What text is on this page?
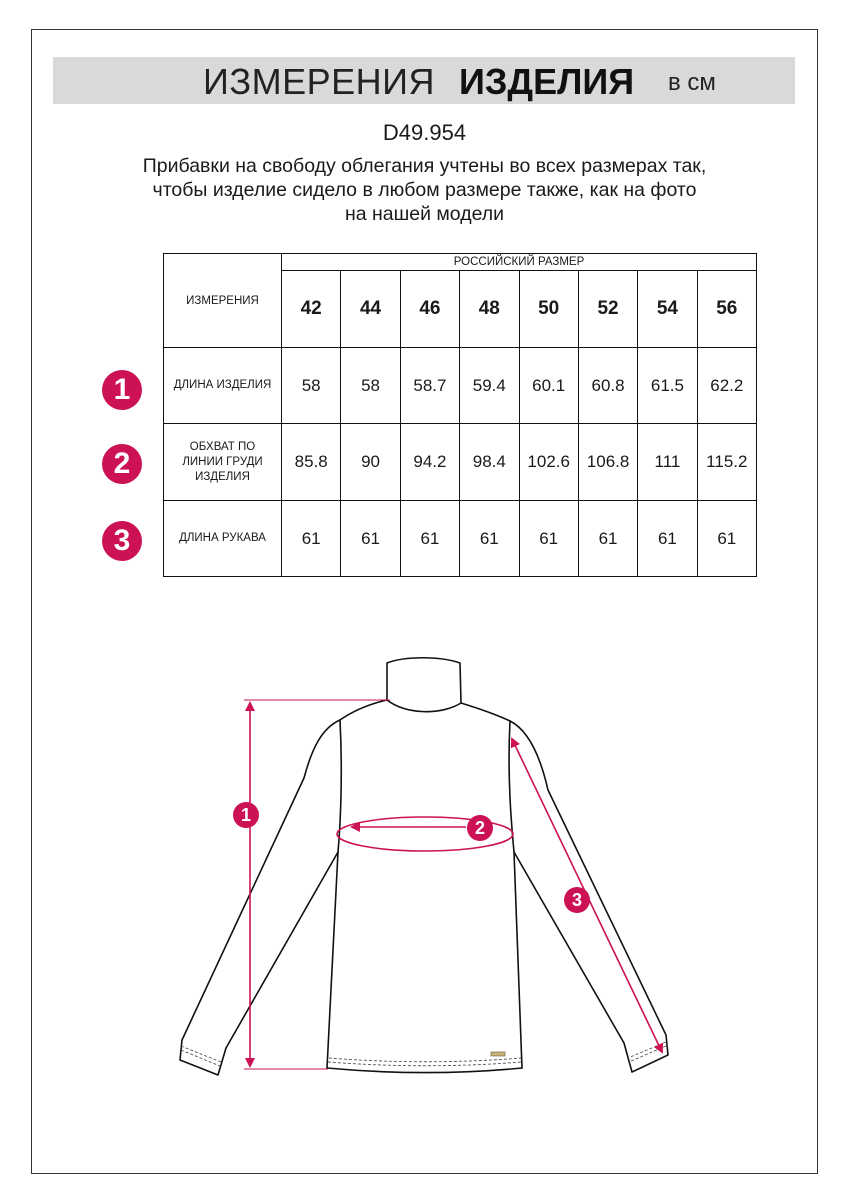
ИЗМЕРЕНИЯ ИЗДЕЛИЯ в см
D49.954
Прибавки на свободу облегания учтены во всех размерах так,
чтобы изделие сидело в любом размере также, как на фото
на нашей модели
ИЗМЕРЕНИЯ	РОССИЙСКИЙ РАЗМЕР							
	42	44	46	48	50	52	54	56
ДЛИНА ИЗДЕЛИЯ	58	58	58.7	59.4	60.1	60.8	61.5	62.2

ОБХВАТ ПО
ЛИНИИ ГРУДИ
ИЗДЕЛИЯ	85.8	90	94.2	98.4	102.6	106.8	111	115.2
ДЛИНА РУКАВА	61	61	61	61	61	61	61	61
1
2
3
1
2
3
